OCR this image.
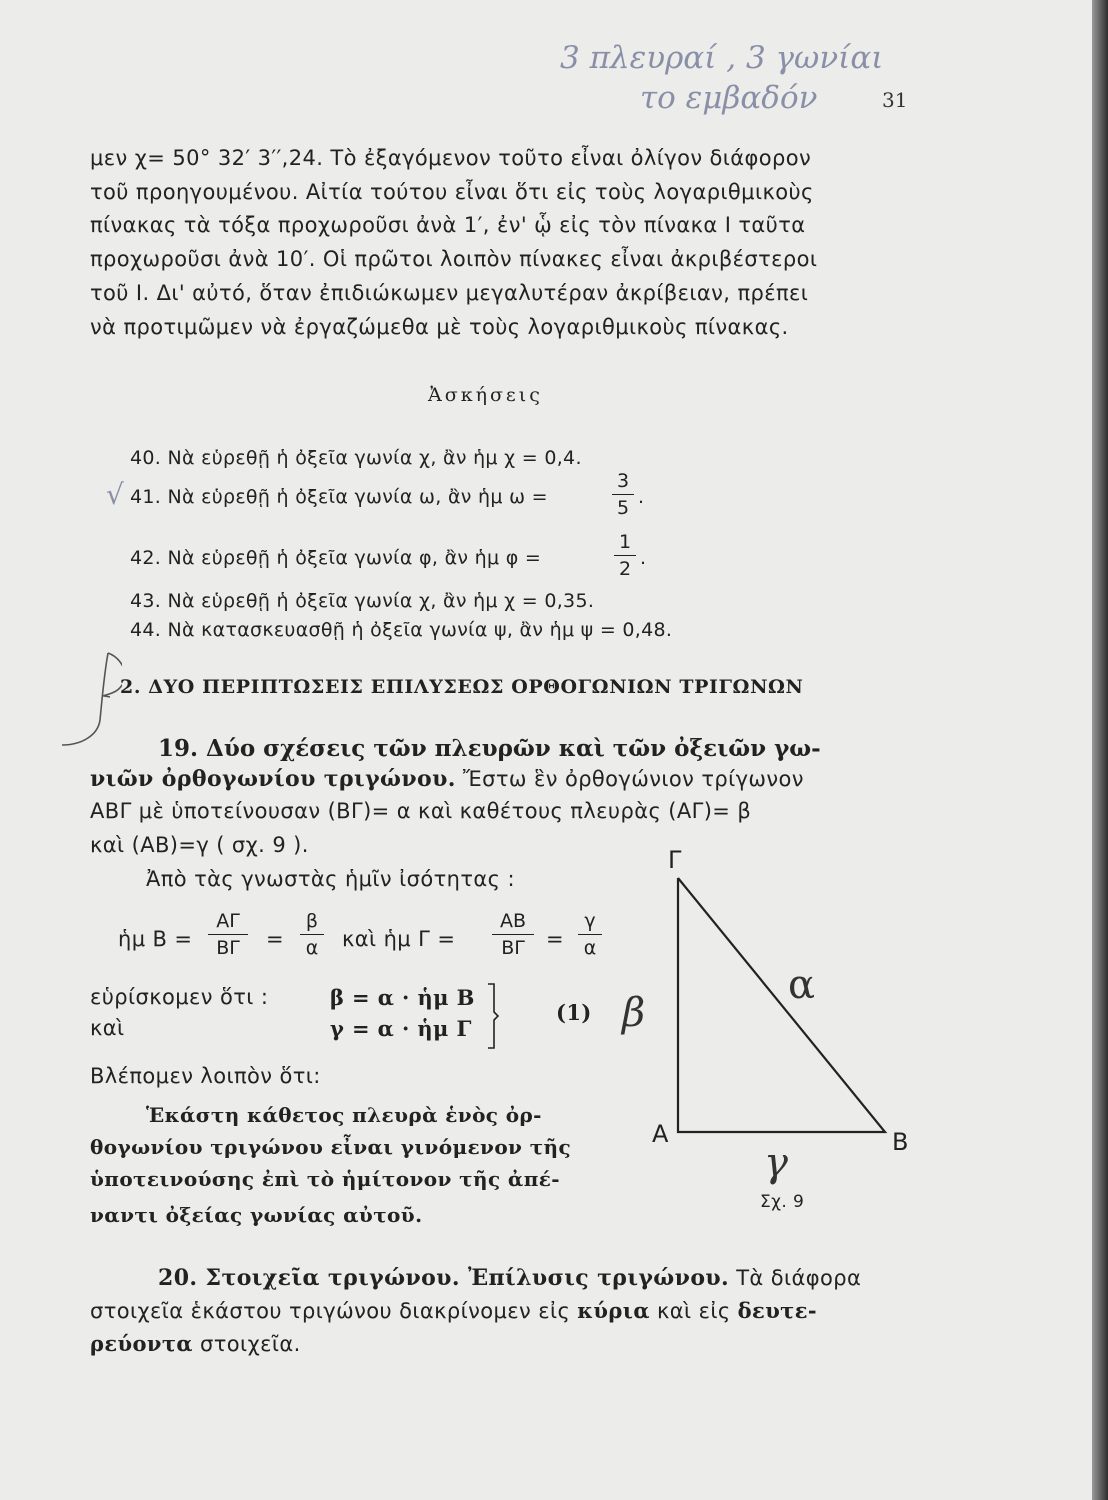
3 πλευραί , 3 γωνίαι
το εμβαδόν	31
μεν χ= 50° 32′ 3′′,24. Τὸ ἐξαγόμενον τοῦτο εἶναι ὀλίγον διάφορον
τοῦ προηγουμένου. Αἰτία τούτου εἶναι ὅτι εἰς τοὺς λογαριθμικοὺς
πίνακας τὰ τόξα προχωροῦσι ἀνὰ 1′, ἐν' ᾧ εἰς τὸν πίνακα Ι ταῦτα
προχωροῦσι ἀνὰ 10′. Οἱ πρῶτοι λοιπὸν πίνακες εἶναι ἀκριβέστεροι
τοῦ Ι. Δι' αὐτό, ὅταν ἐπιδιώκωμεν μεγαλυτέραν ἀκρίβειαν, πρέπει
νὰ προτιμῶμεν νὰ ἐργαζώμεθα μὲ τοὺς λογαριθμικοὺς πίνακας.
Ἀσκήσεις
40. Νὰ εὑρεθῇ ἡ ὀξεῖα γωνία χ, ἂν ἡμ χ = 0,4.
√ 41. Νὰ εὑρεθῇ ἡ ὀξεῖα γωνία ω, ἂν ἡμ ω =
3
5 .
42. Νὰ εὑρεθῇ ἡ ὀξεῖα γωνία φ, ἂν ἡμ φ =
1
2 .
43. Νὰ εὑρεθῇ ἡ ὀξεῖα γωνία χ, ἂν ἡμ χ = 0,35.
44. Νὰ κατασκευασθῇ ἡ ὀξεῖα γωνία ψ, ἂν ἡμ ψ = 0,48.
2. ΔΥΟ ΠΕΡΙΠΤΩΣΕΙΣ ΕΠΙΛΥΣΕΩΣ ΟΡΘΟΓΩΝΙΩΝ ΤΡΙΓΩΝΩΝ
19. Δύο σχέσεις τῶν πλευρῶν καὶ τῶν ὀξειῶν γω-
νιῶν ὀρθογωνίου τριγώνου. Ἔστω ἓν ὀρθογώνιον τρίγωνον
ΑΒΓ μὲ ὑποτείνουσαν (ΒΓ)= α καὶ καθέτους πλευρὰς (ΑΓ)= β
καὶ (ΑΒ)=γ ( σχ. 9 ).
Ἀπὸ τὰς γνωστὰς ἡμῖν ἰσότητας :
ἡμ Β =
ΑΓ
ΒΓ	=
β
α καὶ ἡμ Γ =
ΑΒ
ΒΓ	=
γ
α
εὑρίσκομεν ὅτι :
καὶ
β = α · ἡμ Β
γ = α · ἡμ Γ
(1)
Βλέπομεν λοιπὸν ὅτι:
Ἑκάστη κάθετος πλευρὰ ἑνὸς ὀρ-
θογωνίου τριγώνου εἶναι γινόμενον τῆς
ὑποτεινούσης ἐπὶ τὸ ἡμίτονον τῆς ἀπέ-
ναντι ὀξείας γωνίας αὐτοῦ.
Γ
Α	Β
β
α
γ
Σχ. 9
20. Στοιχεῖα τριγώνου. Ἐπίλυσις τριγώνου. Τὰ διάφορα
στοιχεῖα ἑκάστου τριγώνου διακρίνομεν εἰς κύρια καὶ εἰς δευτε-
ρεύοντα στοιχεῖα.
